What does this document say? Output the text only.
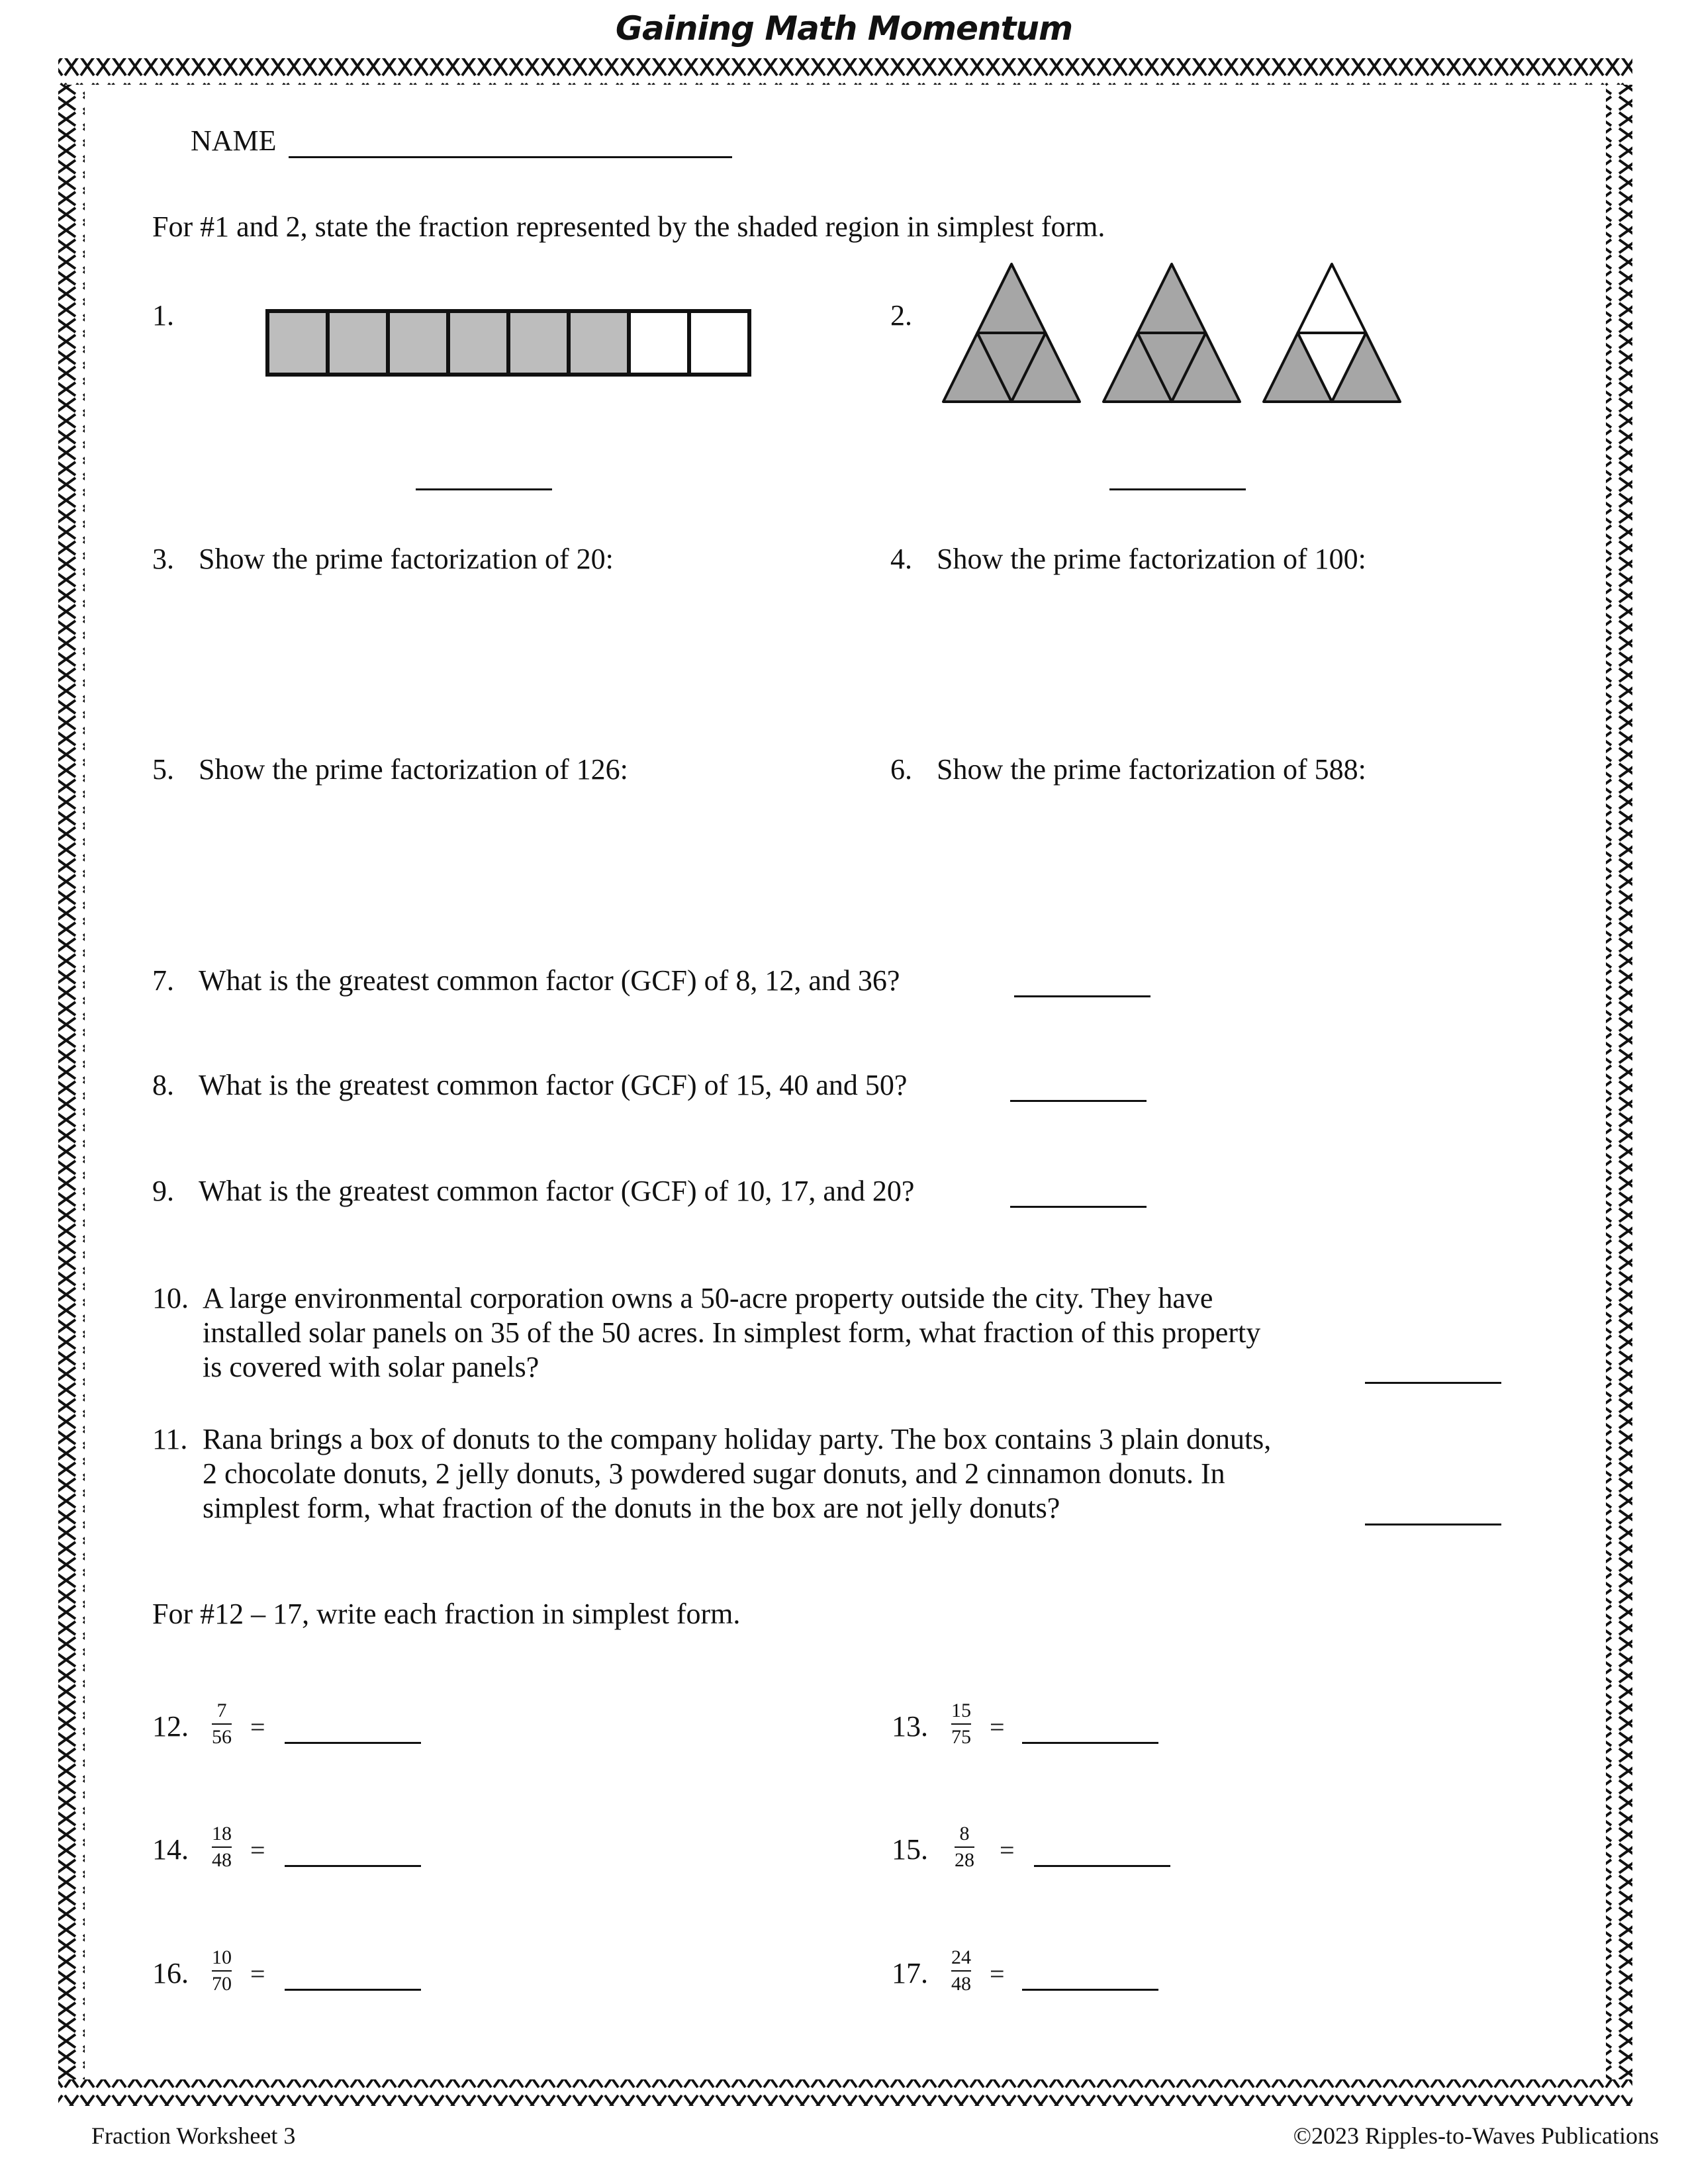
Gaining Math Momentum
NAME
For #1 and 2, state the fraction represented by the shaded region in simplest form.
1.	2.
3. Show the prime factorization of 20:	4. Show the prime factorization of 100:
5. Show the prime factorization of 126:	6. Show the prime factorization of 588:
7. What is the greatest common factor (GCF) of 8, 12, and 36?
8. What is the greatest common factor (GCF) of 15, 40 and 50?
9. What is the greatest common factor (GCF) of 10, 17, and 20?
10. A large environmental corporation owns a 50-acre property outside the city. They have
installed solar panels on 35 of the 50 acres. In simplest form, what fraction of this property
is covered with solar panels?
11. Rana brings a box of donuts to the company holiday party. The box contains 3 plain donuts,
2 chocolate donuts, 2 jelly donuts, 3 powdered sugar donuts, and 2 cinnamon donuts. In
simplest form, what fraction of the donuts in the box are not jelly donuts?
For #12 – 17, write each fraction in simplest form.
12. 7
56 =	13. 15
75 =
14. 18
48 =	15. 8
28 =
16. 10
70 =	17. 24
48 =
Fraction Worksheet 3	©2023 Ripples-to-Waves Publications
